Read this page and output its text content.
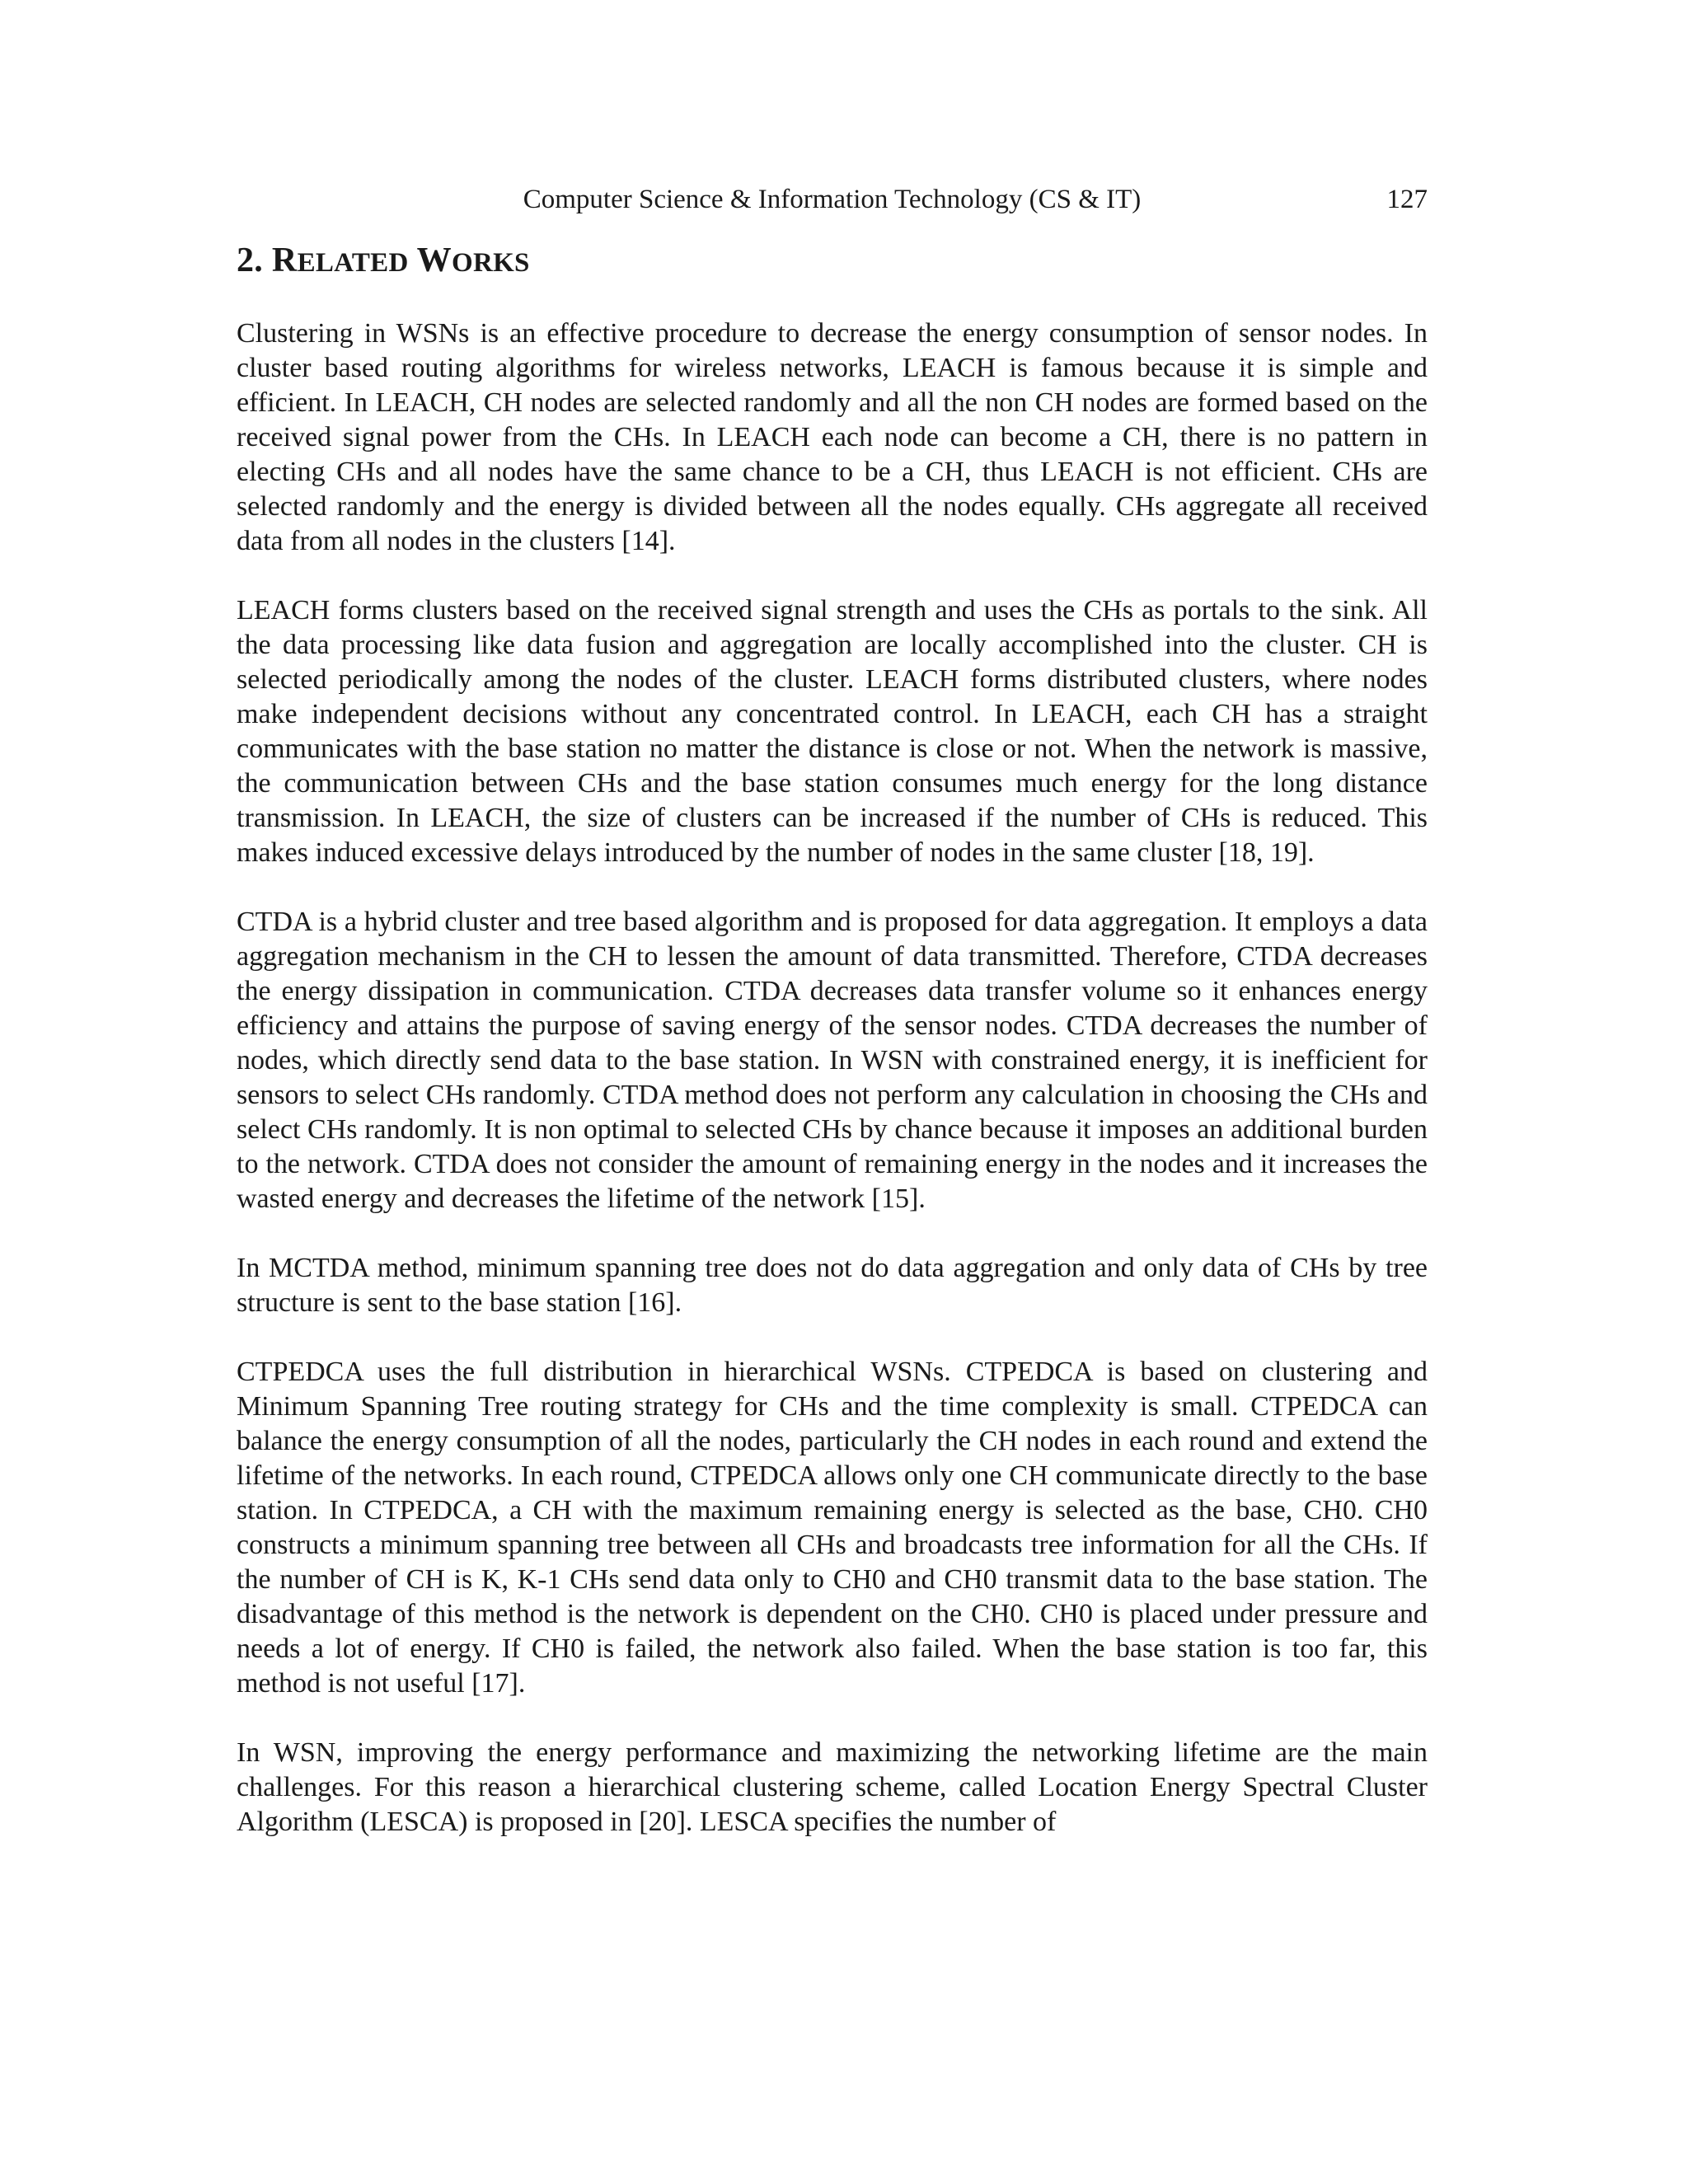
Computer Science & Information Technology (CS & IT)	127
2. RELATED WORKS

Clustering in WSNs is an effective procedure to decrease the energy consumption of sensor nodes. In cluster based routing algorithms for wireless networks, LEACH is famous because it is simple and efficient. In LEACH, CH nodes are selected randomly and all the non CH nodes are formed based on the received signal power from the CHs. In LEACH each node can become a CH, there is no pattern in electing CHs and all nodes have the same chance to be a CH, thus LEACH is not efficient. CHs are selected randomly and the energy is divided between all the nodes equally. CHs aggregate all received data from all nodes in the clusters [14].

LEACH forms clusters based on the received signal strength and uses the CHs as portals to the sink. All the data processing like data fusion and aggregation are locally accomplished into the cluster. CH is selected periodically among the nodes of the cluster. LEACH forms distributed clusters, where nodes make independent decisions without any concentrated control. In LEACH, each CH has a straight communicates with the base station no matter the distance is close or not. When the network is massive, the communication between CHs and the base station consumes much energy for the long distance transmission. In LEACH, the size of clusters can be increased if the number of CHs is reduced. This makes induced excessive delays introduced by the number of nodes in the same cluster [18, 19].

CTDA is a hybrid cluster and tree based algorithm and is proposed for data aggregation. It employs a data aggregation mechanism in the CH to lessen the amount of data transmitted. Therefore, CTDA decreases the energy dissipation in communication. CTDA decreases data transfer volume so it enhances energy efficiency and attains the purpose of saving energy of the sensor nodes. CTDA decreases the number of nodes, which directly send data to the base station. In WSN with constrained energy, it is inefficient for sensors to select CHs randomly. CTDA method does not perform any calculation in choosing the CHs and select CHs randomly. It is non optimal to selected CHs by chance because it imposes an additional burden to the network. CTDA does not consider the amount of remaining energy in the nodes and it increases the wasted energy and decreases the lifetime of the network [15].

In MCTDA method, minimum spanning tree does not do data aggregation and only data of CHs by tree structure is sent to the base station [16].

CTPEDCA uses the full distribution in hierarchical WSNs. CTPEDCA is based on clustering and Minimum Spanning Tree routing strategy for CHs and the time complexity is small. CTPEDCA can balance the energy consumption of all the nodes, particularly the CH nodes in each round and extend the lifetime of the networks. In each round, CTPEDCA allows only one CH communicate directly to the base station. In CTPEDCA, a CH with the maximum remaining energy is selected as the base, CH0. CH0 constructs a minimum spanning tree between all CHs and broadcasts tree information for all the CHs. If the number of CH is K, K-1 CHs send data only to CH0 and CH0 transmit data to the base station. The disadvantage of this method is the network is dependent on the CH0. CH0 is placed under pressure and needs a lot of energy. If CH0 is failed, the network also failed. When the base station is too far, this method is not useful [17].

In WSN, improving the energy performance and maximizing the networking lifetime are the main challenges. For this reason a hierarchical clustering scheme, called Location Energy Spectral Cluster Algorithm (LESCA) is proposed in [20]. LESCA specifies the number of
